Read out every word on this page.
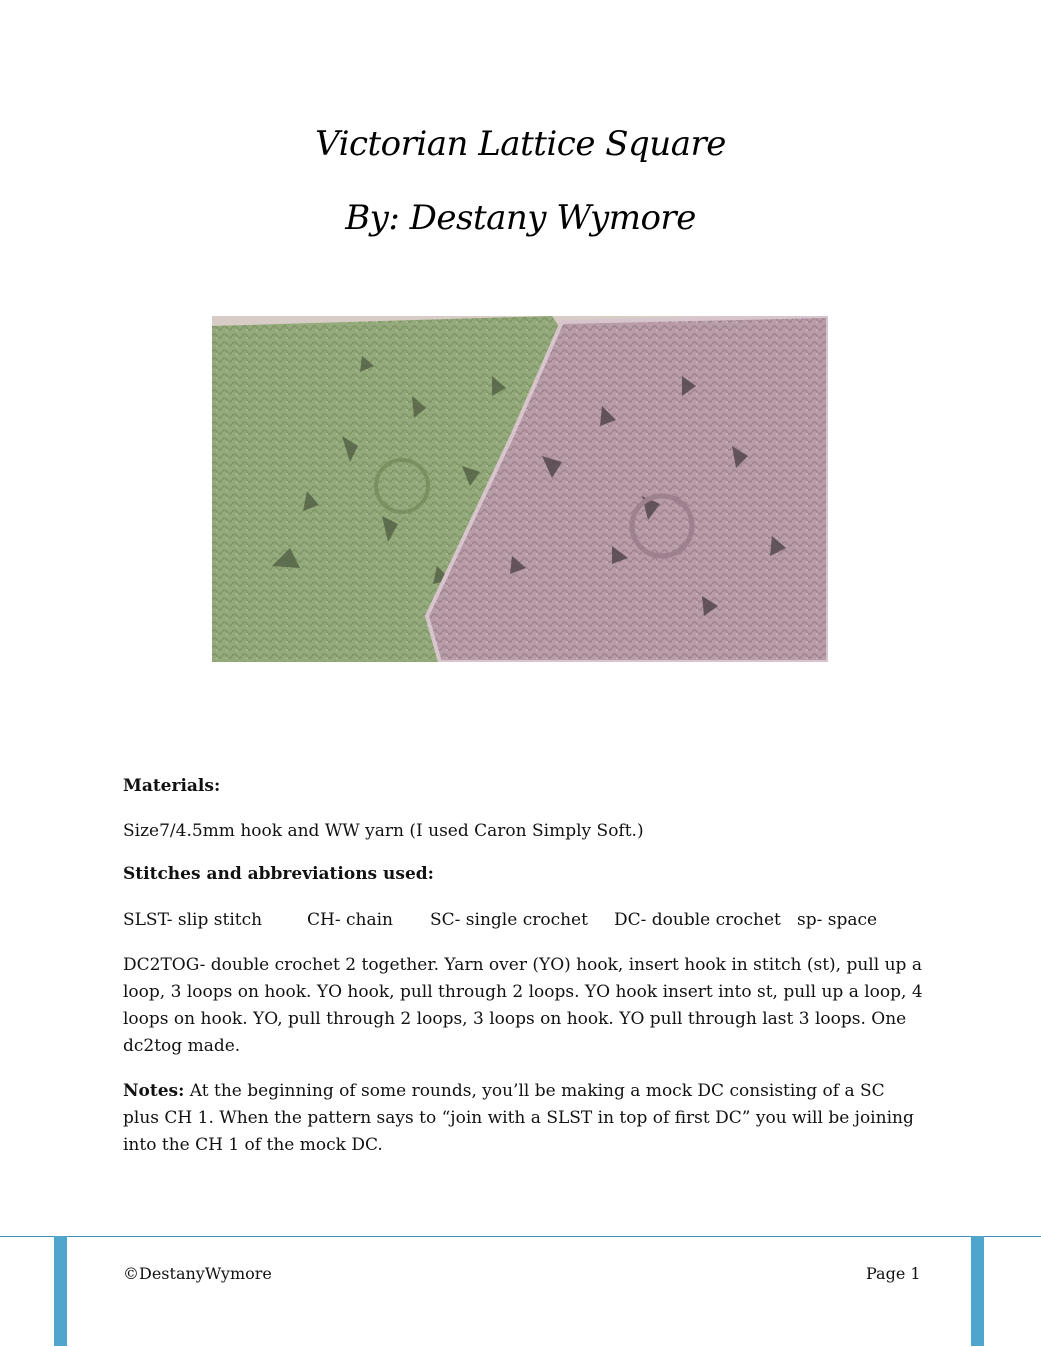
Victorian Lattice Square
By: Destany Wymore
Materials:
Size7/4.5mm hook and WW yarn (I used Caron Simply Soft.)
Stitches and abbreviations used:
SLST- slip stitch	CH- chain	SC- single crochet	DC- double crochet sp- space
DC2TOG- double crochet 2 together. Yarn over (YO) hook, insert hook in stitch (st), pull up a loop, 3 loops on hook. YO hook, pull through 2 loops. YO hook insert into st, pull up a loop, 4 loops on hook. YO, pull through 2 loops, 3 loops on hook. YO pull through last 3 loops. One dc2tog made.
Notes: At the beginning of some rounds, you’ll be making a mock DC consisting of a SC plus CH 1. When the pattern says to “join with a SLST in top of first DC” you will be joining into the CH 1 of the mock DC.
©DestanyWymore	Page 1
